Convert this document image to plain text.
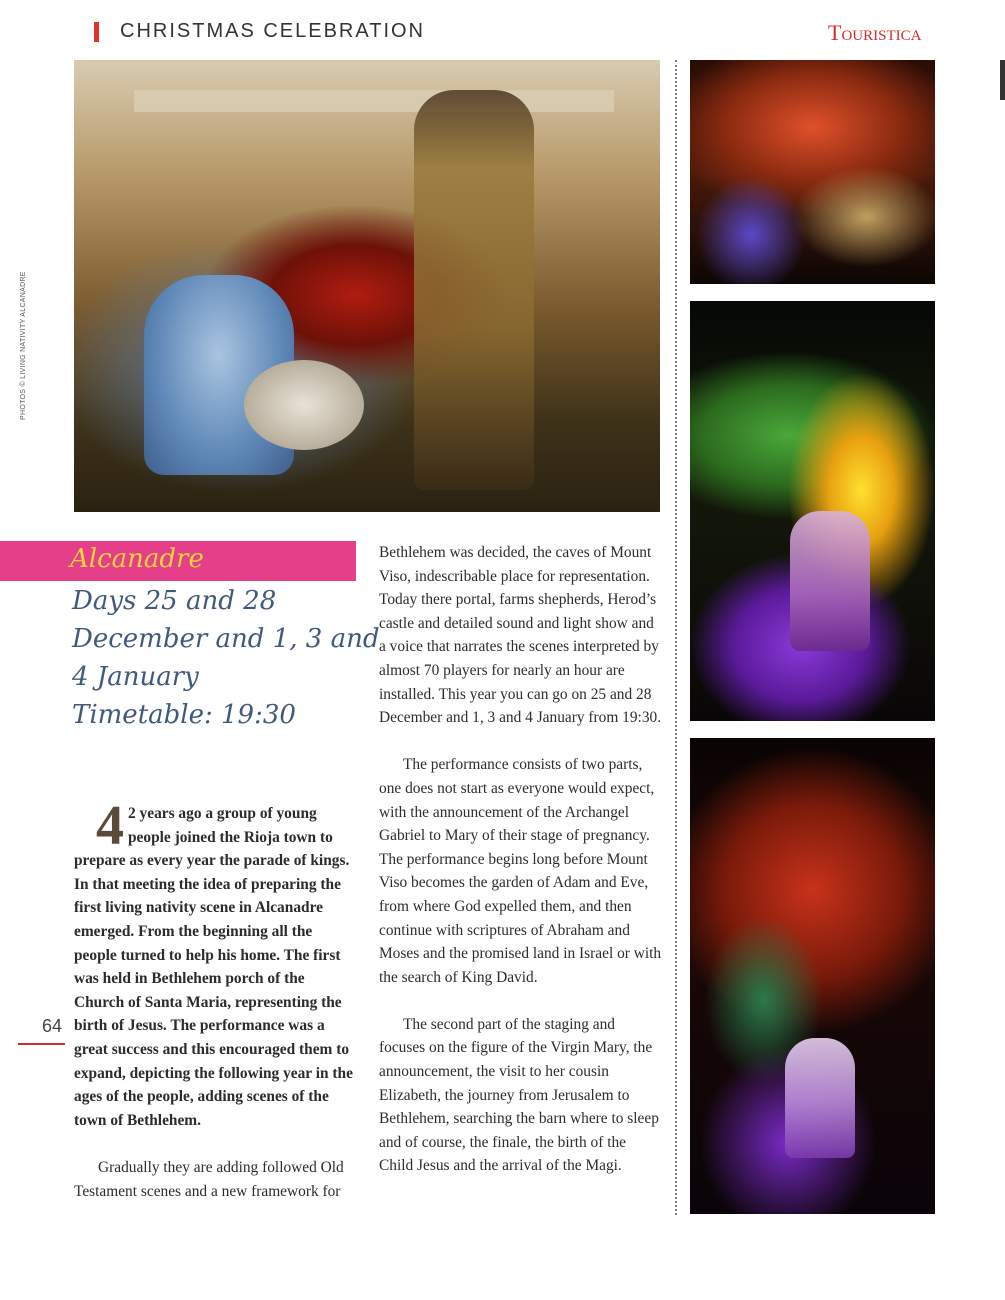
CHRISTMAS CELEBRATION	Touristica
PHOTOS © LIVING NATIVITY ALCANADRE
Alcanadre
Days 25 and 28
December and 1, 3 and
4 January
Timetable: 19:30

4 2 years ago a group of young people joined the Rioja town to prepare as every year the parade of kings. In that meeting the idea of preparing the first living nativity scene in Alcanadre emerged. From the beginning all the people turned to help his home. The first was held in Bethlehem porch of the Church of Santa Maria, representing the birth of Jesus. The performance was a great success and this encouraged them to expand, depicting the following year in the ages of the people, adding scenes of the town of Bethlehem.

Gradually they are adding followed Old Testament scenes and a new framework for

Bethlehem was decided, the caves of Mount Viso, indescribable place for representation. Today there portal, farms shepherds, Herod’s castle and detailed sound and light show and a voice that narrates the scenes interpreted by almost 70 players for nearly an hour are installed. This year you can go on 25 and 28 December and 1, 3 and 4 January from 19:30.

The performance consists of two parts, one does not start as everyone would expect, with the announcement of the Archangel Gabriel to Mary of their stage of pregnancy. The performance begins long before Mount Viso becomes the garden of Adam and Eve, from where God expelled them, and then continue with scriptures of Abraham and Moses and the promised land in Israel or with the search of King David.

The second part of the staging and focuses on the figure of the Virgin Mary, the announcement, the visit to her cousin Elizabeth, the journey from Jerusalem to Bethlehem, searching the barn where to sleep and of course, the finale, the birth of the Child Jesus and the arrival of the Magi.

64
